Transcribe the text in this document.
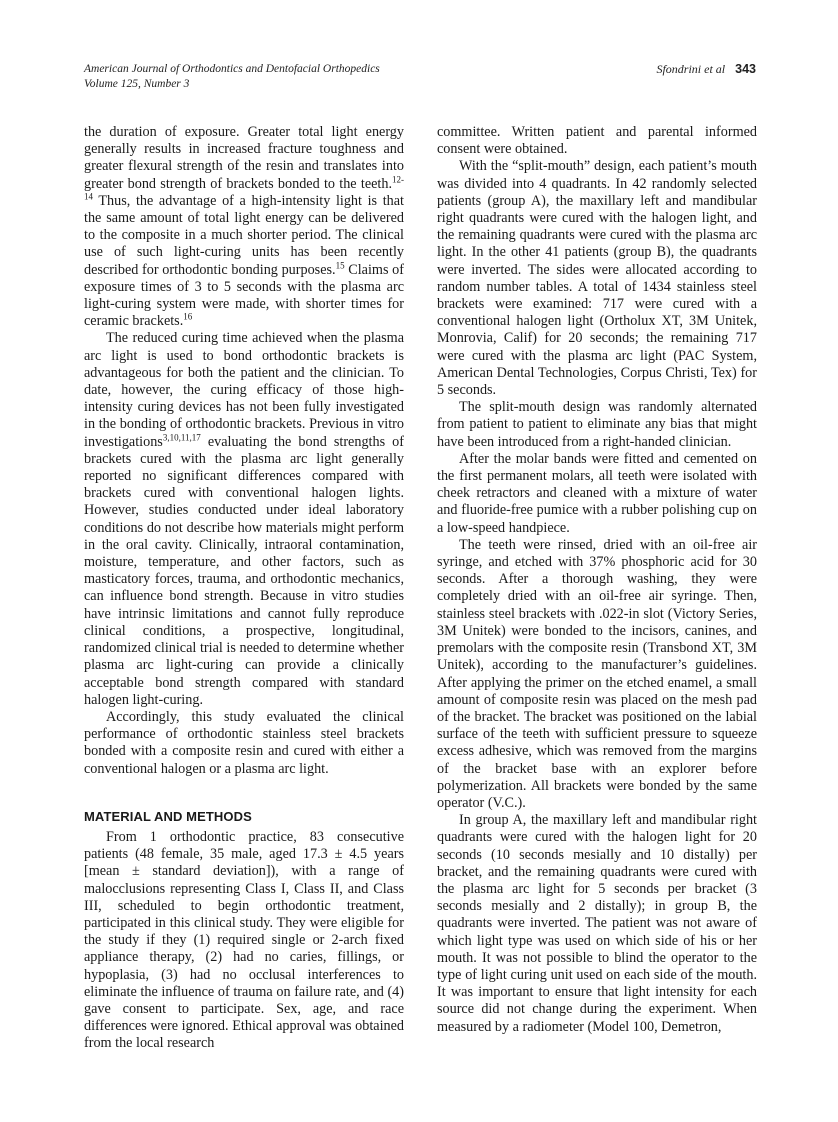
American Journal of Orthodontics and Dentofacial Orthopedics
Volume 125, Number 3
Sfondrini et al 343

the duration of exposure. Greater total light energy generally results in increased fracture toughness and greater flexural strength of the resin and translates into greater bond strength of brackets bonded to the teeth.$^{12-14}$ Thus, the advantage of a high-intensity light is that the same amount of total light energy can be delivered to the composite in a much shorter period. The clinical use of such light-curing units has been recently described for orthodontic bonding purposes.$^{15}$ Claims of exposure times of 3 to 5 seconds with the plasma arc light-curing system were made, with shorter times for ceramic brackets.$^{16}$

The reduced curing time achieved when the plasma arc light is used to bond orthodontic brackets is advantageous for both the patient and the clinician. To date, however, the curing efficacy of those high-intensity curing devices has not been fully investigated in the bonding of orthodontic brackets. Previous in vitro investigations$^{3,10,11,17}$ evaluating the bond strengths of brackets cured with the plasma arc light generally reported no significant differences compared with brackets cured with conventional halogen lights. However, studies conducted under ideal laboratory conditions do not describe how materials might perform in the oral cavity. Clinically, intraoral contamination, moisture, temperature, and other factors, such as masticatory forces, trauma, and orthodontic mechanics, can influence bond strength. Because in vitro studies have intrinsic limitations and cannot fully reproduce clinical conditions, a prospective, longitudinal, randomized clinical trial is needed to determine whether plasma arc light-curing can provide a clinically acceptable bond strength compared with standard halogen light-curing.

Accordingly, this study evaluated the clinical performance of orthodontic stainless steel brackets bonded with a composite resin and cured with either a conventional halogen or a plasma arc light.

MATERIAL AND METHODS

From 1 orthodontic practice, 83 consecutive patients (48 female, 35 male, aged 17.3 ± 4.5 years [mean ± standard deviation]), with a range of malocclusions representing Class I, Class II, and Class III, scheduled to begin orthodontic treatment, participated in this clinical study. They were eligible for the study if they (1) required single or 2-arch fixed appliance therapy, (2) had no caries, fillings, or hypoplasia, (3) had no occlusal interferences to eliminate the influence of trauma on failure rate, and (4) gave consent to participate. Sex, age, and race differences were ignored. Ethical approval was obtained from the local research

committee. Written patient and parental informed consent were obtained.

With the “split-mouth” design, each patient’s mouth was divided into 4 quadrants. In 42 randomly selected patients (group A), the maxillary left and mandibular right quadrants were cured with the halogen light, and the remaining quadrants were cured with the plasma arc light. In the other 41 patients (group B), the quadrants were inverted. The sides were allocated according to random number tables. A total of 1434 stainless steel brackets were examined: 717 were cured with a conventional halogen light (Ortholux XT, 3M Unitek, Monrovia, Calif) for 20 seconds; the remaining 717 were cured with the plasma arc light (PAC System, American Dental Technologies, Corpus Christi, Tex) for 5 seconds.

The split-mouth design was randomly alternated from patient to patient to eliminate any bias that might have been introduced from a right-handed clinician.

After the molar bands were fitted and cemented on the first permanent molars, all teeth were isolated with cheek retractors and cleaned with a mixture of water and fluoride-free pumice with a rubber polishing cup on a low-speed handpiece.

The teeth were rinsed, dried with an oil-free air syringe, and etched with 37% phosphoric acid for 30 seconds. After a thorough washing, they were completely dried with an oil-free air syringe. Then, stainless steel brackets with .022-in slot (Victory Series, 3M Unitek) were bonded to the incisors, canines, and premolars with the composite resin (Transbond XT, 3M Unitek), according to the manufacturer’s guidelines. After applying the primer on the etched enamel, a small amount of composite resin was placed on the mesh pad of the bracket. The bracket was positioned on the labial surface of the teeth with sufficient pressure to squeeze excess adhesive, which was removed from the margins of the bracket base with an explorer before polymerization. All brackets were bonded by the same operator (V.C.).

In group A, the maxillary left and mandibular right quadrants were cured with the halogen light for 20 seconds (10 seconds mesially and 10 distally) per bracket, and the remaining quadrants were cured with the plasma arc light for 5 seconds per bracket (3 seconds mesially and 2 distally); in group B, the quadrants were inverted. The patient was not aware of which light type was used on which side of his or her mouth. It was not possible to blind the operator to the type of light curing unit used on each side of the mouth. It was important to ensure that light intensity for each source did not change during the experiment. When measured by a radiometer (Model 100, Demetron,
